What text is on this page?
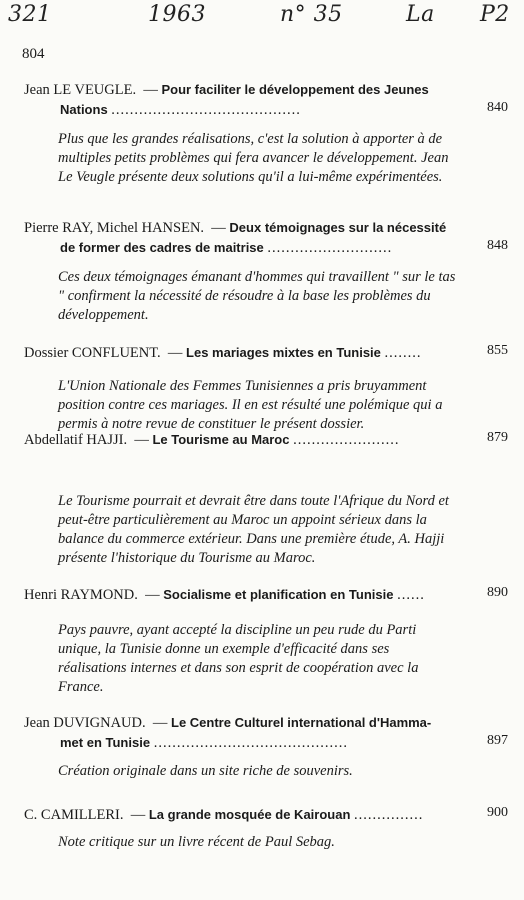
321	1963	n° 35	La P2
804
Jean LE VEUGLE.  — Pour faciliter le développement des Jeunes
Nations .........................................	840
Plus que les grandes réalisations, c'est la solution à apporter à de multiples petits problèmes qui fera avancer le développement. Jean Le Veugle présente deux solutions qu'il a lui-même expérimentées.
Pierre RAY, Michel HANSEN.  — Deux témoignages sur la nécessité
de former des cadres de maitrise ...........................	848
Ces deux témoignages émanant d'hommes qui travaillent " sur le tas " confirment la nécessité de résoudre à la base les problèmes du développement.
Dossier CONFLUENT.  — Les mariages mixtes en Tunisie ........	855
L'Union Nationale des Femmes Tunisiennes a pris bruyamment position contre ces mariages. Il en est résulté une polémique qui a permis à notre revue de constituer le présent dossier.
Abdellatif HAJJI.  — Le Tourisme au Maroc .......................	879
Le Tourisme pourrait et devrait être dans toute l'Afrique du Nord et peut-être particulièrement au Maroc un appoint sérieux dans la balance du commerce extérieur. Dans une première étude, A. Hajji présente l'historique du Tourisme au Maroc.
Henri RAYMOND.  — Socialisme et planification en Tunisie ......	890
Pays pauvre, ayant accepté la discipline un peu rude du Parti unique, la Tunisie donne un exemple d'efficacité dans ses réalisations internes et dans son esprit de coopération avec la France.
Jean DUVIGNAUD.  — Le Centre Culturel international d'Hamma-
met en Tunisie ..........................................	897
Création originale dans un site riche de souvenirs.
C. CAMILLERI.  — La grande mosquée de Kairouan ...............	900
Note critique sur un livre récent de Paul Sebag.
